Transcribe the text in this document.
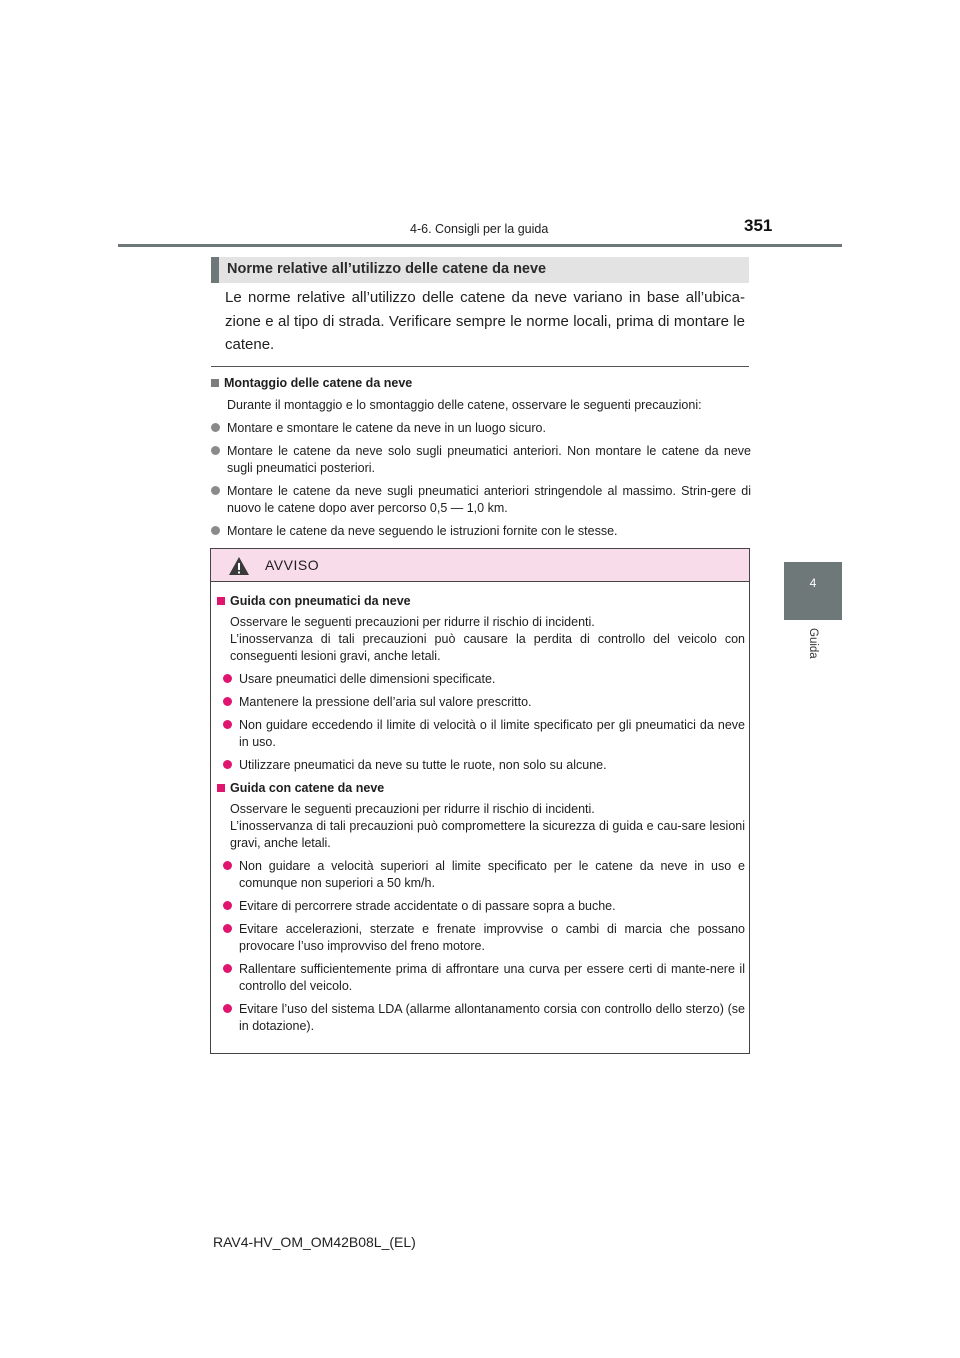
4-6. Consigli per la guida	351
4
Guida
Norme relative all’utilizzo delle catene da neve
Le norme relative all’utilizzo delle catene da neve variano in base all’ubica-zione e al tipo di strada. Verificare sempre le norme locali, prima di montare le catene.
Montaggio delle catene da neve
Durante il montaggio e lo smontaggio delle catene, osservare le seguenti precauzioni:
Montare e smontare le catene da neve in un luogo sicuro.
Montare le catene da neve solo sugli pneumatici anteriori. Non montare le catene da neve sugli pneumatici posteriori.
Montare le catene da neve sugli pneumatici anteriori stringendole al massimo. Strin-gere di nuovo le catene dopo aver percorso 0,5 — 1,0 km.
Montare le catene da neve seguendo le istruzioni fornite con le stesse.
AVVISO
Guida con pneumatici da neve
Osservare le seguenti precauzioni per ridurre il rischio di incidenti.
L’inosservanza di tali precauzioni può causare la perdita di controllo del veicolo con conseguenti lesioni gravi, anche letali.
Usare pneumatici delle dimensioni specificate.
Mantenere la pressione dell’aria sul valore prescritto.
Non guidare eccedendo il limite di velocità o il limite specificato per gli pneumatici da neve in uso.
Utilizzare pneumatici da neve su tutte le ruote, non solo su alcune.
Guida con catene da neve
Osservare le seguenti precauzioni per ridurre il rischio di incidenti.
L’inosservanza di tali precauzioni può compromettere la sicurezza di guida e cau-sare lesioni gravi, anche letali.
Non guidare a velocità superiori al limite specificato per le catene da neve in uso e comunque non superiori a 50 km/h.
Evitare di percorrere strade accidentate o di passare sopra a buche.
Evitare accelerazioni, sterzate e frenate improvvise o cambi di marcia che possano provocare l’uso improvviso del freno motore.
Rallentare sufficientemente prima di affrontare una curva per essere certi di mante-nere il controllo del veicolo.
Evitare l’uso del sistema LDA (allarme allontanamento corsia con controllo dello sterzo) (se in dotazione).
RAV4-HV_OM_OM42B08L_(EL)
